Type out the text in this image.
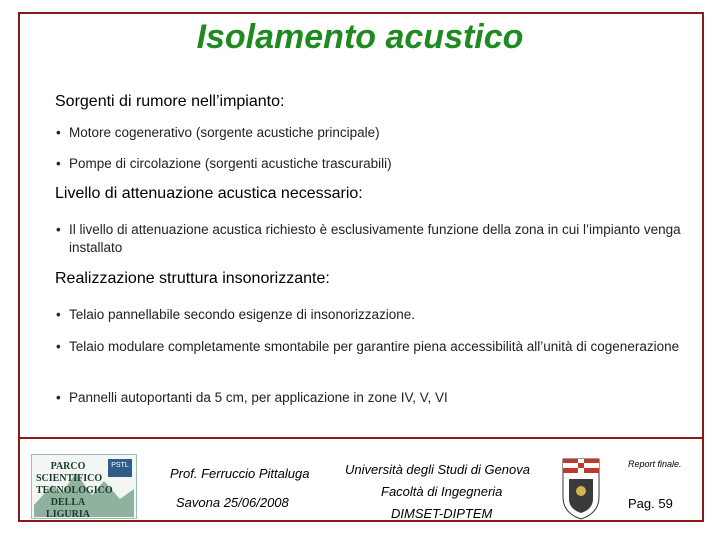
Isolamento acustico
Sorgenti di rumore nell’impianto:
• Motore cogenerativo (sorgente acustiche principale)
• Pompe di circolazione (sorgenti acustiche trascurabili)
Livello di attenuazione acustica necessario:
• Il livello di attenuazione acustica richiesto è esclusivamente funzione della zona in cui l’impianto venga installato
Realizzazione struttura insonorizzante:
• Telaio pannellabile secondo esigenze di insonorizzazione.
• Telaio modulare completamente smontabile per garantire piena accessibilità all’unità di cogenerazione
• Pannelli autoportanti da 5 cm, per applicazione in zone IV, V, VI
PARCO
SCIENTIFICO
TECNOLOGICO
DELLA LIGURIA
PSTL
Prof. Ferruccio Pittaluga
Savona 25/06/2008
Università degli Studi di Genova
Facoltà di Ingegneria
DIMSET-DIPTEM
Report finale.
Pag. 59
